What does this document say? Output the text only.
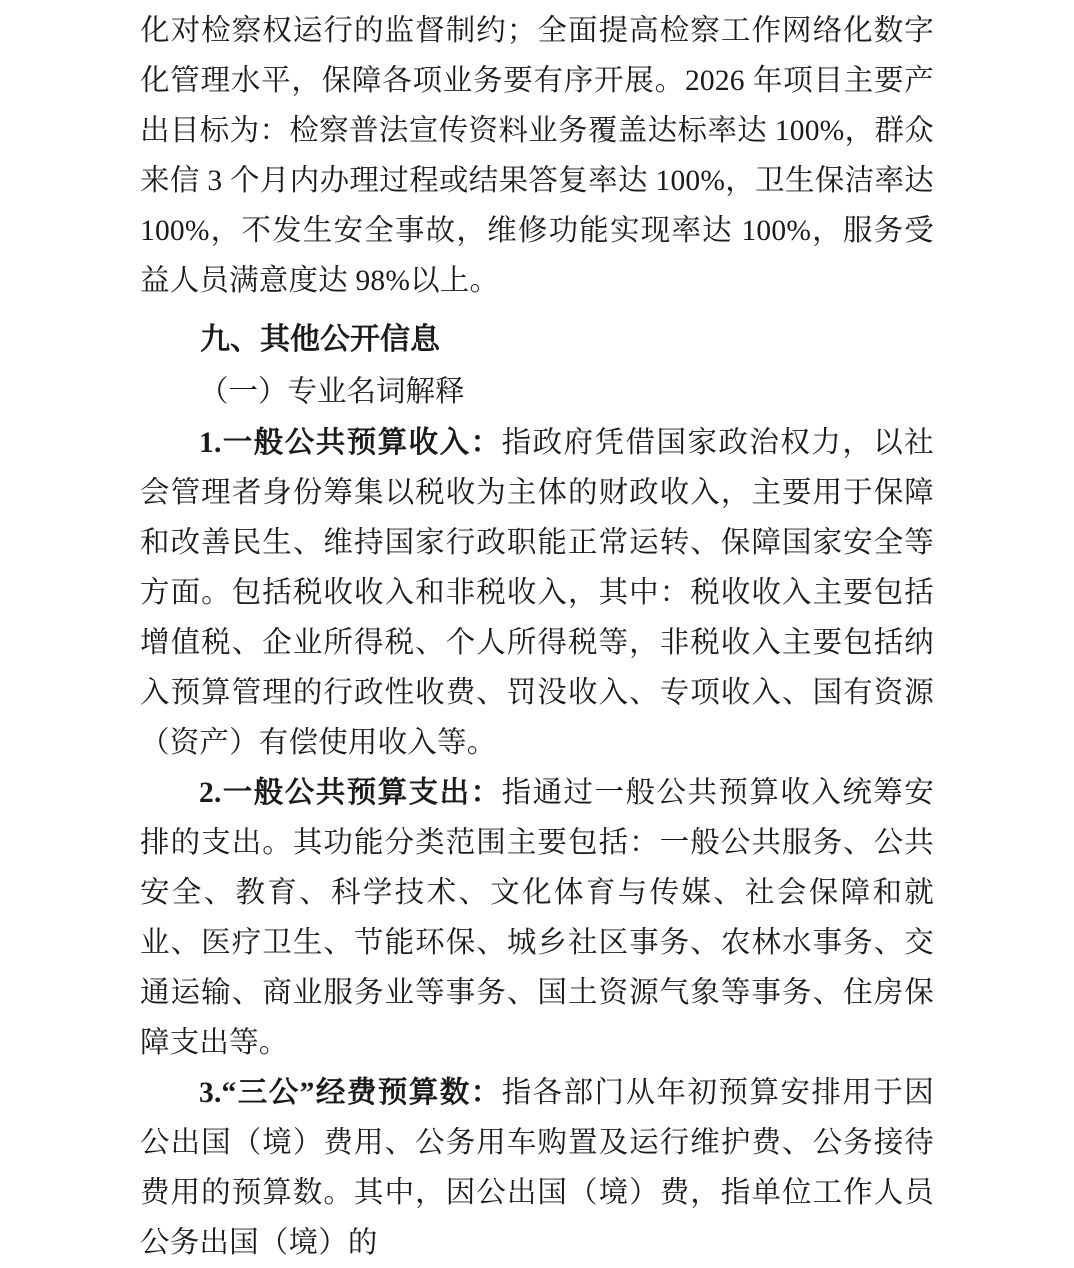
化对检察权运行的监督制约；全面提高检察工作网络化数字化管理水平，保障各项业务要有序开展。2026 年项目主要产出目标为：检察普法宣传资料业务覆盖达标率达 100%，群众来信 3 个月内办理过程或结果答复率达 100%，卫生保洁率达 100%，不发生安全事故，维修功能实现率达 100%，服务受益人员满意度达 98%以上。

九、其他公开信息

（一）专业名词解释

1.一般公共预算收入：指政府凭借国家政治权力，以社会管理者身份筹集以税收为主体的财政收入，主要用于保障和改善民生、维持国家行政职能正常运转、保障国家安全等方面。包括税收收入和非税收入，其中：税收收入主要包括增值税、企业所得税、个人所得税等，非税收入主要包括纳入预算管理的行政性收费、罚没收入、专项收入、国有资源（资产）有偿使用收入等。

2.一般公共预算支出：指通过一般公共预算收入统筹安排的支出。其功能分类范围主要包括：一般公共服务、公共安全、教育、科学技术、文化体育与传媒、社会保障和就业、医疗卫生、节能环保、城乡社区事务、农林水事务、交通运输、商业服务业等事务、国土资源气象等事务、住房保障支出等。

3.“三公”经费预算数：指各部门从年初预算安排用于因公出国（境）费用、公务用车购置及运行维护费、公务接待费用的预算数。其中，因公出国（境）费，指单位工作人员公务出国（境）的
